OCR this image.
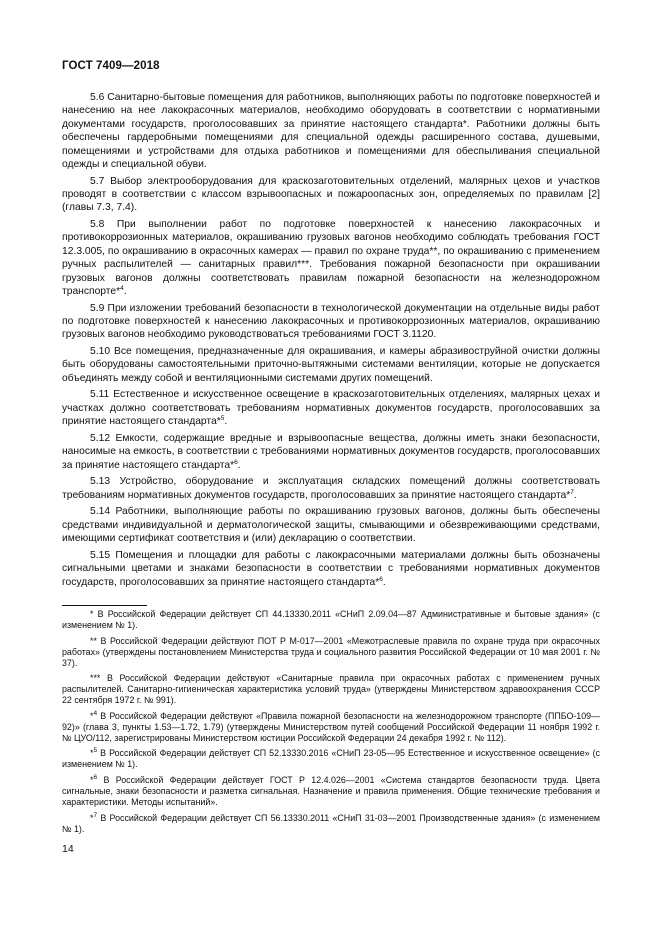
ГОСТ 7409—2018

5.6 Санитарно-бытовые помещения для работников, выполняющих работы по подготовке поверхностей и нанесению на нее лакокрасочных материалов, необходимо оборудовать в соответствии с нормативными документами государств, проголосовавших за принятие настоящего стандарта*. Работники должны быть обеспечены гардеробными помещениями для специальной одежды расширенного состава, душевыми, помещениями и устройствами для отдыха работников и помещениями для обеспыливания специальной одежды и специальной обуви.

5.7 Выбор электрооборудования для краскозаготовительных отделений, малярных цехов и участков проводят в соответствии с классом взрывоопасных и пожароопасных зон, определяемых по правилам [2] (главы 7.3, 7.4).

5.8 При выполнении работ по подготовке поверхностей к нанесению лакокрасочных и противокоррозионных материалов, окрашиванию грузовых вагонов необходимо соблюдать требования ГОСТ 12.3.005, по окрашиванию в окрасочных камерах — правил по охране труда**, по окрашиванию с применением ручных распылителей — санитарных правил***. Требования пожарной безопасности при окрашивании грузовых вагонов должны соответствовать правилам пожарной безопасности на железнодорожном транспорте*$^4$.

5.9 При изложении требований безопасности в технологической документации на отдельные виды работ по подготовке поверхностей к нанесению лакокрасочных и противокоррозионных материалов, окрашиванию грузовых вагонов необходимо руководствоваться требованиями ГОСТ 3.1120.

5.10 Все помещения, предназначенные для окрашивания, и камеры абразивоструйной очистки должны быть оборудованы самостоятельными приточно-вытяжными системами вентиляции, которые не допускается объединять между собой и вентиляционными системами других помещений.

5.11 Естественное и искусственное освещение в краскозаготовительных отделениях, малярных цехах и участках должно соответствовать требованиям нормативных документов государств, проголосовавших за принятие настоящего стандарта*$^5$.

5.12 Емкости, содержащие вредные и взрывоопасные вещества, должны иметь знаки безопасности, наносимые на емкость, в соответствии с требованиями нормативных документов государств, проголосовавших за принятие настоящего стандарта*$^6$.

5.13 Устройство, оборудование и эксплуатация складских помещений должны соответствовать требованиям нормативных документов государств, проголосовавших за принятие настоящего стандарта*$^7$.

5.14 Работники, выполняющие работы по окрашиванию грузовых вагонов, должны быть обеспечены средствами индивидуальной и дерматологической защиты, смывающими и обезвреживающими средствами, имеющими сертификат соответствия и (или) декларацию о соответствии.

5.15 Помещения и площадки для работы с лакокрасочными материалами должны быть обозначены сигнальными цветами и знаками безопасности в соответствии с требованиями нормативных документов государств, проголосовавших за принятие настоящего стандарта*$^6$.

* В Российской Федерации действует СП 44.13330.2011 «СНиП 2.09.04—87 Административные и бытовые здания» (с изменением № 1).

** В Российской Федерации действуют ПОТ Р М-017—2001 «Межотраслевые правила по охране труда при окрасочных работах» (утверждены постановлением Министерства труда и социального развития Российской Федерации от 10 мая 2001 г. № 37).

*** В Российской Федерации действуют «Санитарные правила при окрасочных работах с применением ручных распылителей. Санитарно-гигиеническая характеристика условий труда» (утверждены Министерством здравоохранения СССР 22 сентября 1972 г. № 991).

*$^4$ В Российской Федерации действуют «Правила пожарной безопасности на железнодорожном транспорте (ППБО-109—92)» (глава 3, пункты 1.53—1.72, 1.79) (утверждены Министерством путей сообщений Российской Федерации 11 ноября 1992 г. № ЦУО/112, зарегистрированы Министерством юстиции Российской Федерации 24 декабря 1992 г. № 112).

*$^5$ В Российской Федерации действует СП 52.13330.2016 «СНиП 23-05—95 Естественное и искусственное освещение» (с изменением № 1).

*$^6$ В Российской Федерации действует ГОСТ Р 12.4.026—2001 «Система стандартов безопасности труда. Цвета сигнальные, знаки безопасности и разметка сигнальная. Назначение и правила применения. Общие технические требования и характеристики. Методы испытаний».

*$^7$ В Российской Федерации действует СП 56.13330.2011 «СНиП 31-03—2001 Производственные здания» (с изменением № 1).

14
